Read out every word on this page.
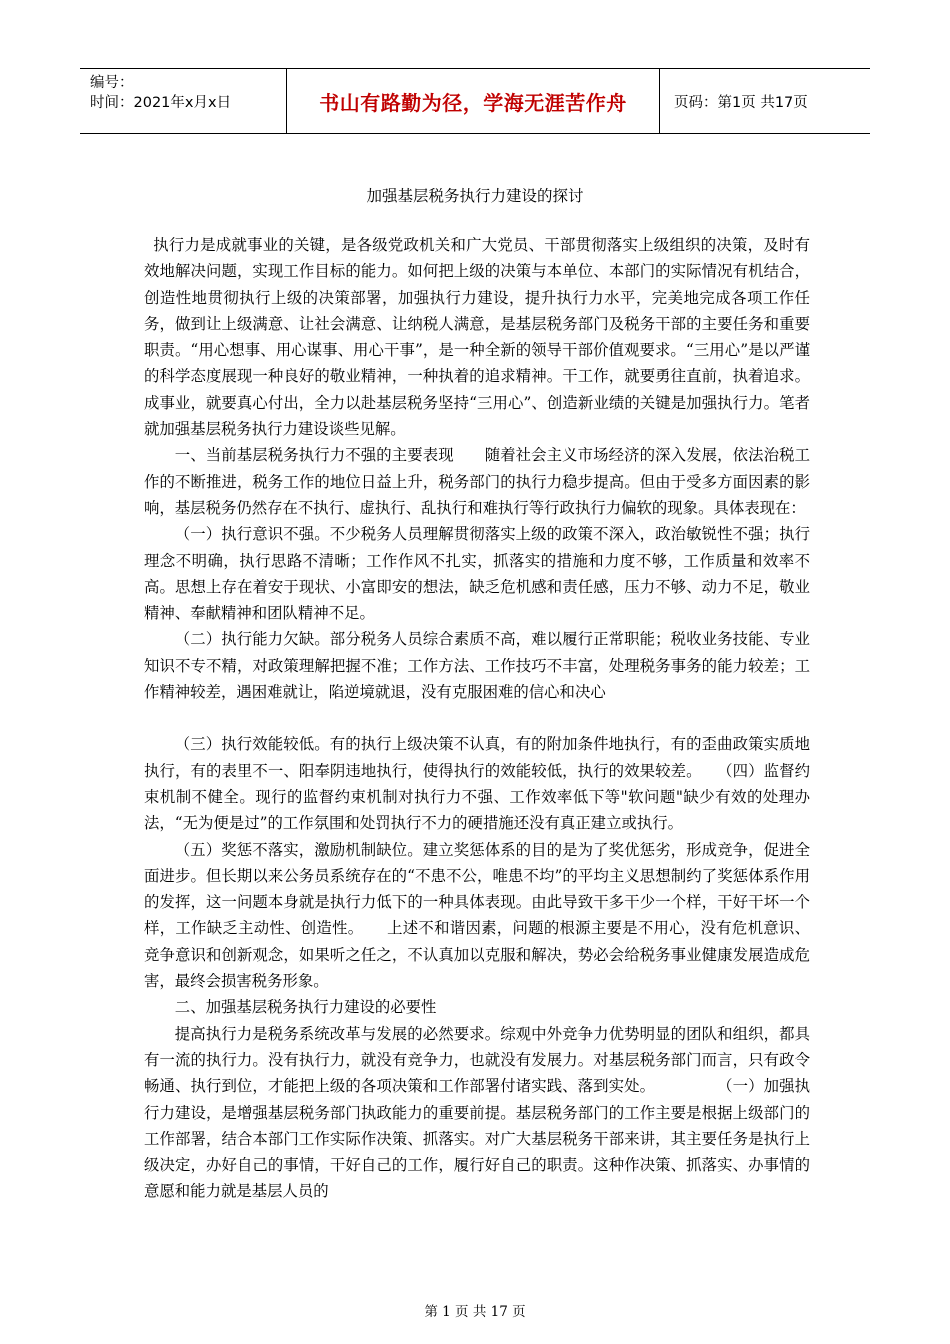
编号：
时间：2021年x月x日	书山有路勤为径，学海无涯苦作舟	页码：第1页 共17页
加强基层税务执行力建设的探讨

执行力是成就事业的关键，是各级党政机关和广大党员、干部贯彻落实上级组织的决策，及时有效地解决问题，实现工作目标的能力。如何把上级的决策与本单位、本部门的实际情况有机结合，创造性地贯彻执行上级的决策部署，加强执行力建设，提升执行力水平，完美地完成各项工作任务，做到让上级满意、让社会满意、让纳税人满意，是基层税务部门及税务干部的主要任务和重要职责。“用心想事、用心谋事、用心干事”，是一种全新的领导干部价值观要求。“三用心”是以严谨的科学态度展现一种良好的敬业精神，一种执着的追求精神。干工作，就要勇往直前，执着追求。成事业，就要真心付出，全力以赴基层税务坚持“三用心”、创造新业绩的关键是加强执行力。笔者就加强基层税务执行力建设谈些见解。

一、当前基层税务执行力不强的主要表现　　随着社会主义市场经济的深入发展，依法治税工作的不断推进，税务工作的地位日益上升，税务部门的执行力稳步提高。但由于受多方面因素的影响，基层税务仍然存在不执行、虚执行、乱执行和难执行等行政执行力偏软的现象。具体表现在：

（一）执行意识不强。不少税务人员理解贯彻落实上级的政策不深入，政治敏锐性不强；执行理念不明确，执行思路不清晰；工作作风不扎实，抓落实的措施和力度不够，工作质量和效率不高。思想上存在着安于现状、小富即安的想法，缺乏危机感和责任感，压力不够、动力不足，敬业精神、奉献精神和团队精神不足。

（二）执行能力欠缺。部分税务人员综合素质不高，难以履行正常职能；税收业务技能、专业知识不专不精，对政策理解把握不准；工作方法、工作技巧不丰富，处理税务事务的能力较差；工作精神较差，遇困难就让，陷逆境就退，没有克服困难的信心和决心

（三）执行效能较低。有的执行上级决策不认真，有的附加条件地执行，有的歪曲政策实质地执行，有的表里不一、阳奉阴违地执行，使得执行的效能较低，执行的效果较差。　　（四）监督约束机制不健全。现行的监督约束机制对执行力不强、工作效率低下等"软问题"缺少有效的处理办法，“无为便是过”的工作氛围和处罚执行不力的硬措施还没有真正建立或执行。

（五）奖惩不落实，激励机制缺位。建立奖惩体系的目的是为了奖优惩劣，形成竞争，促进全面进步。但长期以来公务员系统存在的“不患不公，唯患不均”的平均主义思想制约了奖惩体系作用的发挥，这一问题本身就是执行力低下的一种具体表现。由此导致干多干少一个样，干好干坏一个样，工作缺乏主动性、创造性。　　上述不和谐因素，问题的根源主要是不用心，没有危机意识、竞争意识和创新观念，如果听之任之，不认真加以克服和解决，势必会给税务事业健康发展造成危害，最终会损害税务形象。

二、加强基层税务执行力建设的必要性

提高执行力是税务系统改革与发展的必然要求。综观中外竞争力优势明显的团队和组织，都具有一流的执行力。没有执行力，就没有竞争力，也就没有发展力。对基层税务部门而言，只有政令畅通、执行到位，才能把上级的各项决策和工作部署付诸实践、落到实处。　　　　　（一）加强执行力建设，是增强基层税务部门执政能力的重要前提。基层税务部门的工作主要是根据上级部门的工作部署，结合本部门工作实际作决策、抓落实。对广大基层税务干部来讲，其主要任务是执行上级决定，办好自己的事情，干好自己的工作，履行好自己的职责。这种作决策、抓落实、办事情的意愿和能力就是基层人员的

第 1 页 共 17 页
